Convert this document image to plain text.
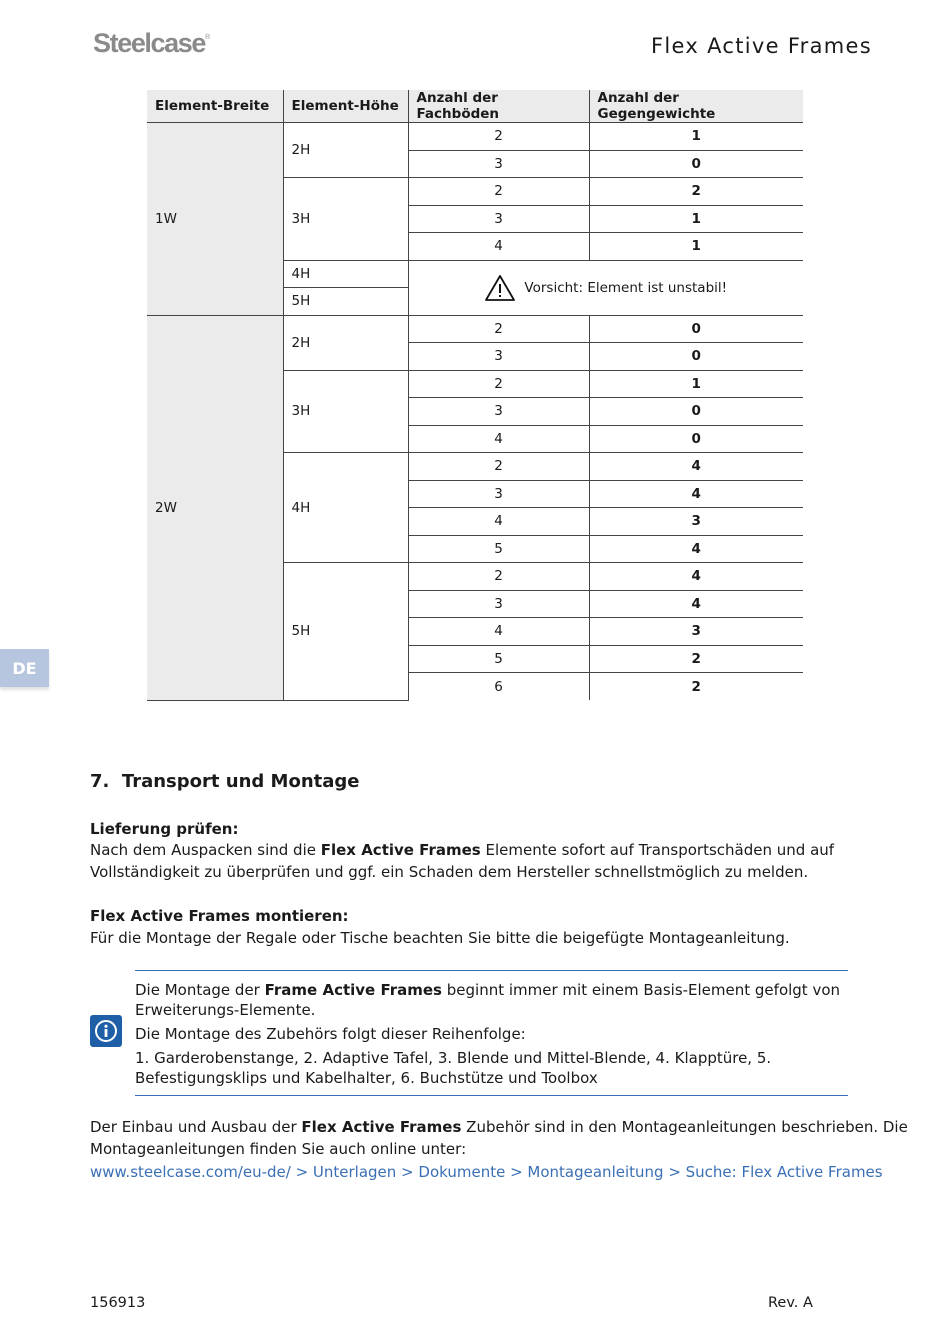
Steelcase®	Flex Active Frames
DE
Element-Breite	Element-Höhe	Anzahl der Fachböden	Anzahl der Gegengewichte
1W	2H	2	1
		3	0
	3H	2	2
		3	1
		4	1
	4H	Vorsicht: Element ist unstabil!	

	5H		
2W	2H	2	0
		3	0
	3H	2	1
		3	0
		4	0
	4H	2	4
		3	4
		4	3
		5	4
	5H	2	4
		3	4
		4	3
		5	2
		6	2
7. Transport und Montage

Lieferung prüfen:

Nach dem Auspacken sind die Flex Active Frames Elemente sofort auf Transportschäden und auf
Vollständigkeit zu überprüfen und ggf. ein Schaden dem Hersteller schnellstmöglich zu melden.

Flex Active Frames montieren:

Für die Montage der Regale oder Tische beachten Sie bitte die beigefügte Montageanleitung.

Die Montage der Frame Active Frames beginnt immer mit einem Basis-Element gefolgt von
Erweiterungs-Elemente.

Die Montage des Zubehörs folgt dieser Reihenfolge:

1. Garderobenstange, 2. Adaptive Tafel, 3. Blende und Mittel-Blende, 4. Klapptüre, 5.
Befestigungsklips und Kabelhalter, 6. Buchstütze und Toolbox

Der Einbau und Ausbau der Flex Active Frames Zubehör sind in den Montageanleitungen beschrieben. Die
Montageanleitungen finden Sie auch online unter:

www.steelcase.com/eu-de/ > Unterlagen > Dokumente > Montageanleitung > Suche: Flex Active Frames

156913	Rev. A
